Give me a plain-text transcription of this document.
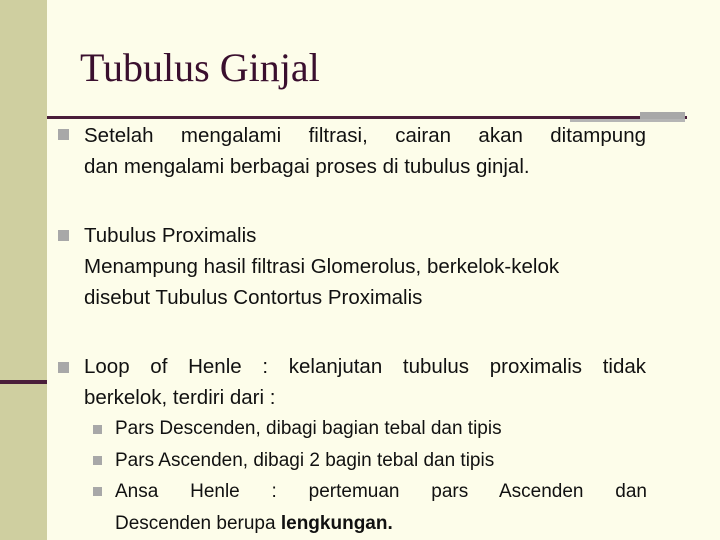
Tubulus Ginjal
Setelah mengalami filtrasi, cairan akan ditampung
dan mengalami berbagai proses di tubulus ginjal.
Tubulus Proximalis
Menampung hasil filtrasi Glomerolus, berkelok-kelok
disebut Tubulus Contortus Proximalis
Loop of Henle : kelanjutan tubulus proximalis tidak
berkelok, terdiri dari :
Pars Descenden, dibagi bagian tebal dan tipis
Pars Ascenden, dibagi 2 bagin tebal dan tipis
Ansa Henle : pertemuan pars Ascenden dan
Descenden berupa lengkungan.
